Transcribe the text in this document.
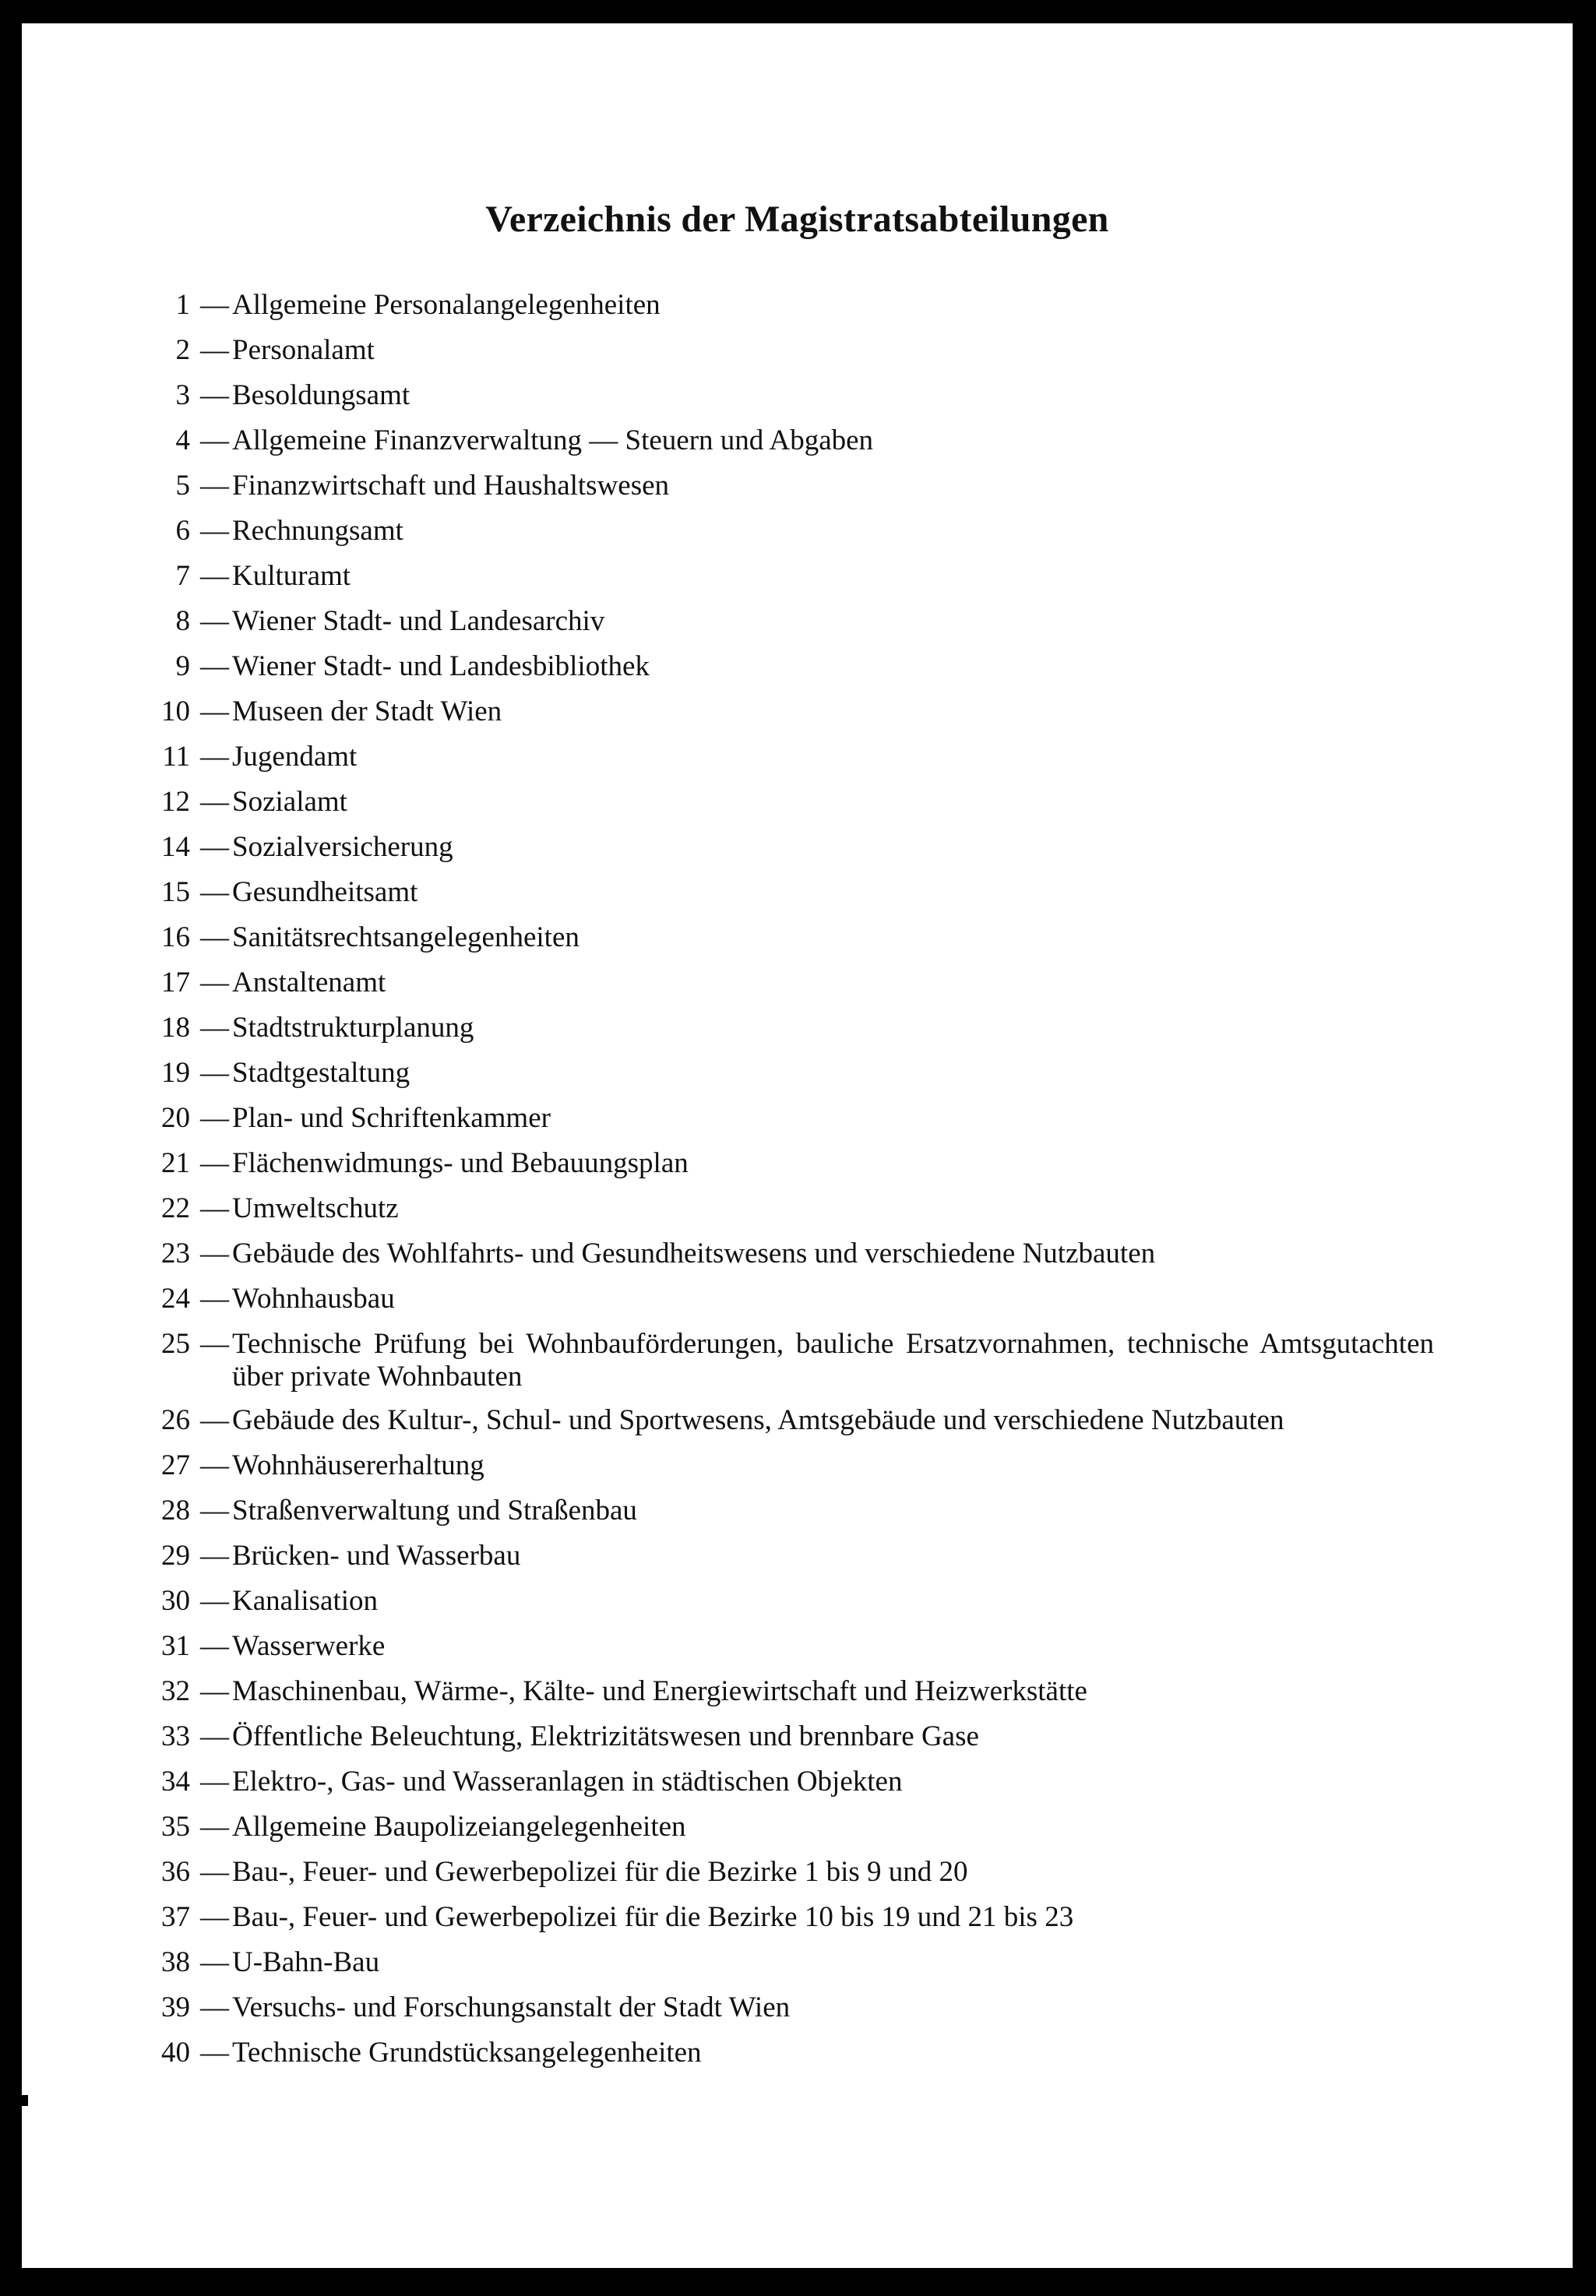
Verzeichnis der Magistratsabteilungen
1 — Allgemeine Personalangelegenheiten
2 — Personalamt
3 — Besoldungsamt
4 — Allgemeine Finanzverwaltung — Steuern und Abgaben
5 — Finanzwirtschaft und Haushaltswesen
6 — Rechnungsamt
7 — Kulturamt
8 — Wiener Stadt- und Landesarchiv
9 — Wiener Stadt- und Landesbibliothek
10 — Museen der Stadt Wien
11 — Jugendamt
12 — Sozialamt
14 — Sozialversicherung
15 — Gesundheitsamt
16 — Sanitätsrechtsangelegenheiten
17 — Anstaltenamt
18 — Stadtstrukturplanung
19 — Stadtgestaltung
20 — Plan- und Schriftenkammer
21 — Flächenwidmungs- und Bebauungsplan
22 — Umweltschutz
23 — Gebäude des Wohlfahrts- und Gesundheitswesens und verschiedene Nutzbauten
24 — Wohnhausbau
25 — Technische Prüfung bei Wohnbauförderungen, bauliche Ersatzvornahmen, technische Amtsgutachten über private Wohnbauten
26 — Gebäude des Kultur-, Schul- und Sportwesens, Amtsgebäude und verschiedene Nutzbauten
27 — Wohnhäusererhaltung
28 — Straßenverwaltung und Straßenbau
29 — Brücken- und Wasserbau
30 — Kanalisation
31 — Wasserwerke
32 — Maschinenbau, Wärme-, Kälte- und Energiewirtschaft und Heizwerkstätte
33 — Öffentliche Beleuchtung, Elektrizitätswesen und brennbare Gase
34 — Elektro-, Gas- und Wasseranlagen in städtischen Objekten
35 — Allgemeine Baupolizeiangelegenheiten
36 — Bau-, Feuer- und Gewerbepolizei für die Bezirke 1 bis 9 und 20
37 — Bau-, Feuer- und Gewerbepolizei für die Bezirke 10 bis 19 und 21 bis 23
38 — U-Bahn-Bau
39 — Versuchs- und Forschungsanstalt der Stadt Wien
40 — Technische Grundstücksangelegenheiten
